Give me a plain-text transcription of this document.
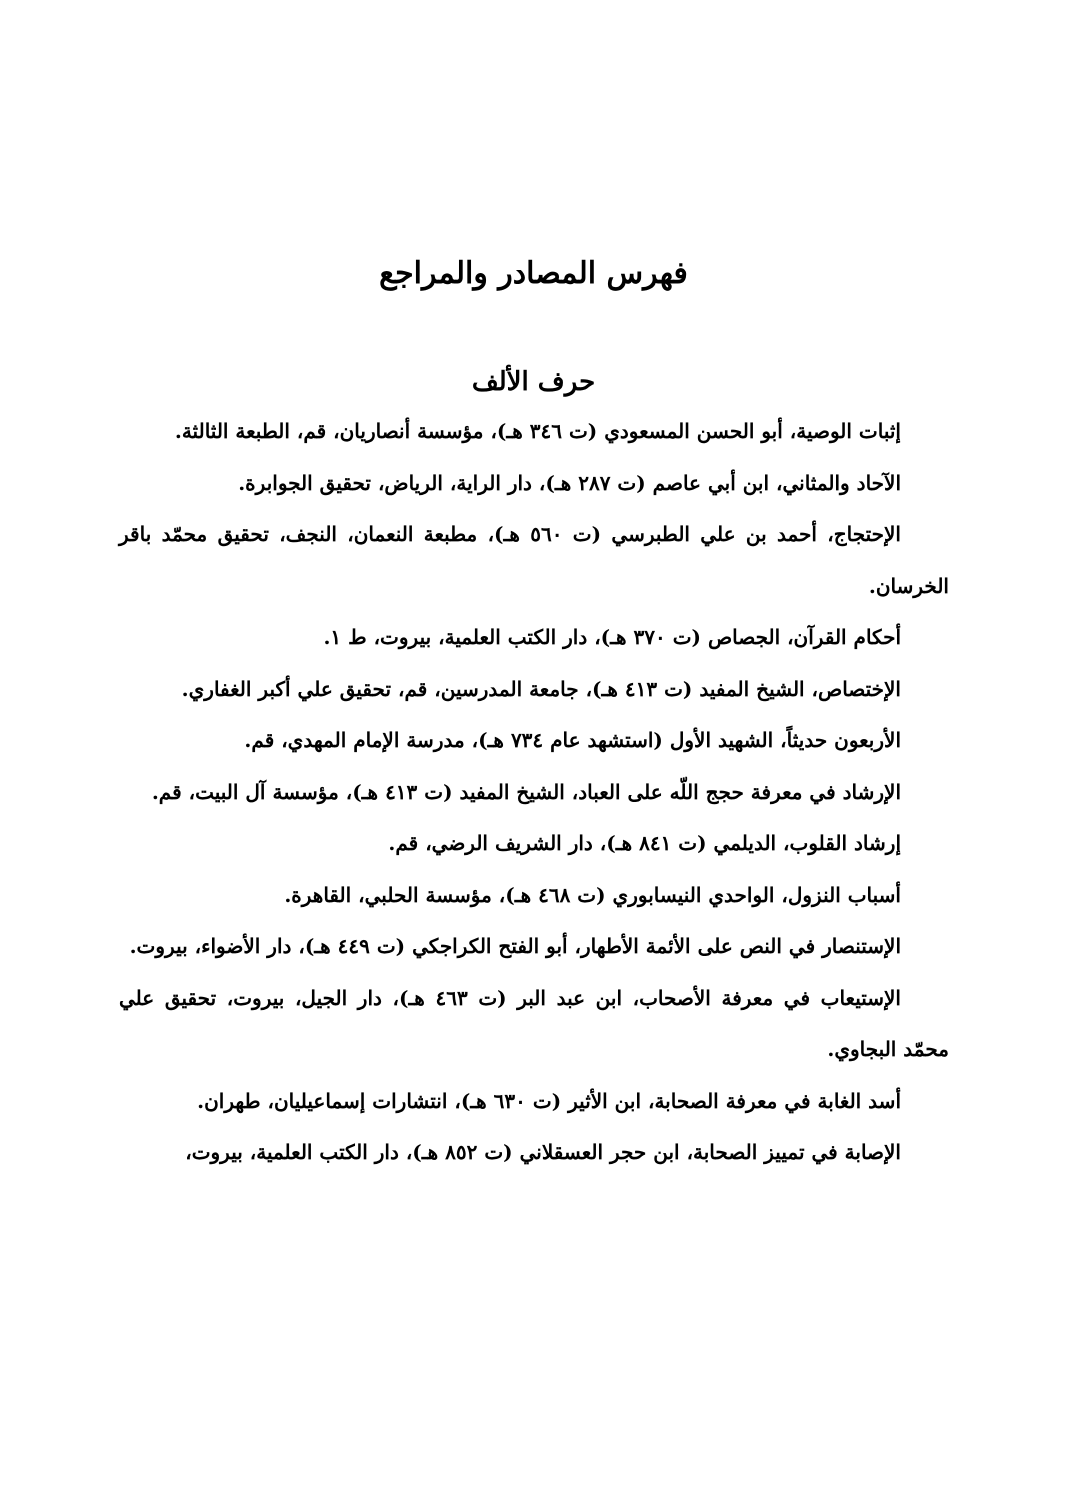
فهرس المصادر والمراجع
حرف الألف
إثبات الوصية، أبو الحسن المسعودي (ت ٣٤٦ هـ)، مؤسسة أنصاريان، قم، الطبعة الثالثة.
الآحاد والمثاني، ابن أبي عاصم (ت ٢٨٧ هـ)، دار الراية، الرياض، تحقيق الجوابرة.
الإحتجاج، أحمد بن علي الطبرسي (ت ٥٦٠ هـ)، مطبعة النعمان، النجف، تحقيق محمّد باقر الخرسان.
أحكام القرآن، الجصاص (ت ٣٧٠ هـ)، دار الكتب العلمية، بيروت، ط ١.
الإختصاص، الشيخ المفيد (ت ٤١٣ هـ)، جامعة المدرسين، قم، تحقيق علي أكبر الغفاري.
الأربعون حديثاً، الشهيد الأول (استشهد عام ٧٣٤ هـ)، مدرسة الإمام المهدي، قم.
الإرشاد في معرفة حجج اللّه على العباد، الشيخ المفيد (ت ٤١٣ هـ)، مؤسسة آل البيت، قم.
إرشاد القلوب، الديلمي (ت ٨٤١ هـ)، دار الشريف الرضي، قم.
أسباب النزول، الواحدي النيسابوري (ت ٤٦٨ هـ)، مؤسسة الحلبي، القاهرة.
الإستنصار في النص على الأئمة الأطهار، أبو الفتح الكراجكي (ت ٤٤٩ هـ)، دار الأضواء، بيروت.
الإستيعاب في معرفة الأصحاب، ابن عبد البر (ت ٤٦٣ هـ)، دار الجيل، بيروت، تحقيق علي محمّد البجاوي.
أسد الغابة في معرفة الصحابة، ابن الأثير (ت ٦٣٠ هـ)، انتشارات إسماعيليان، طهران.
الإصابة في تمييز الصحابة، ابن حجر العسقلاني (ت ٨٥٢ هـ)، دار الكتب العلمية، بيروت،
